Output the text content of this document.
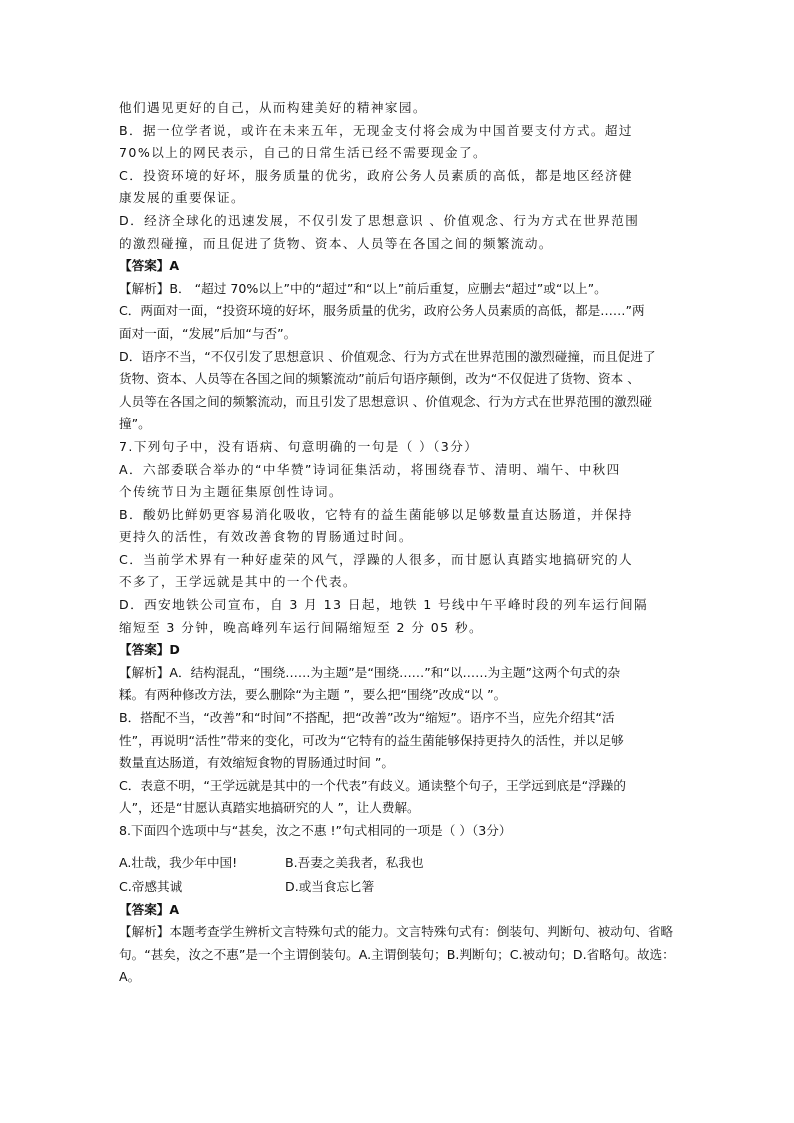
他们遇见更好的自己，从而构建美好的精神家园。
B．据一位学者说，或许在未来五年，无现金支付将会成为中国首要支付方式。超过
70%以上的网民表示，自己的日常生活已经不需要现金了。
C．投资环境的好坏，服务质量的优劣，政府公务人员素质的高低，都是地区经济健
康发展的重要保证。
D．经济全球化的迅速发展，不仅引发了思想意识 、价值观念、行为方式在世界范围
的激烈碰撞，而且促进了货物、资本、人员等在各国之间的频繁流动。
【答案】A
【解析】B． “超过 70%以上”中的“超过”和“以上”前后重复，应删去“超过”或“以上”。
C．两面对一面，“投资环境的好坏，服务质量的优劣，政府公务人员素质的高低，都是……”两
面对一面，“发展”后加“与否”。
D．语序不当，“不仅引发了思想意识 、价值观念、行为方式在世界范围的激烈碰撞，而且促进了
货物、资本、人员等在各国之间的频繁流动”前后句语序颠倒，改为“不仅促进了货物、资本 、
人员等在各国之间的频繁流动，而且引发了思想意识 、价值观念、行为方式在世界范围的激烈碰
撞”。
7.下列句子中，没有语病、句意明确的一句是（ ）（3分）
A．六部委联合举办的“中华赞”诗词征集活动，将围绕春节、清明、端午、中秋四
个传统节日为主题征集原创性诗词。
B．酸奶比鲜奶更容易消化吸收，它特有的益生菌能够以足够数量直达肠道，并保持
更持久的活性，有效改善食物的胃肠通过时间。
C．当前学术界有一种好虚荣的风气，浮躁的人很多，而甘愿认真踏实地搞研究的人
不多了，王学远就是其中的一个代表。
D．西安地铁公司宣布，自 3 月 13 日起，地铁 1 号线中午平峰时段的列车运行间隔
缩短至 3 分钟，晚高峰列车运行间隔缩短至 2 分 05 秒。
【答案】D
【解析】A．结构混乱，“围绕……为主题”是“围绕……”和“以……为主题”这两个句式的杂
糅。有两种修改方法，要么删除“为主题 ”，要么把“围绕”改成“以 ”。
B．搭配不当，“改善”和“时间”不搭配，把“改善”改为“缩短”。语序不当，应先介绍其“活
性”，再说明“活性”带来的变化，可改为“它特有的益生菌能够保持更持久的活性，并以足够
数量直达肠道，有效缩短食物的胃肠通过时间 ”。
C．表意不明，“王学远就是其中的一个代表”有歧义。通读整个句子，王学远到底是“浮躁的
人”，还是“甘愿认真踏实地搞研究的人 ”，让人费解。
8.下面四个选项中与“甚矣，汝之不惠 !”句式相同的一项是（ ）（3分）
A.壮哉，我少年中国!	B.吾妻之美我者，私我也
C.帝感其诚	D.或当食忘匕箸
【答案】A
【解析】本题考查学生辨析文言特殊句式的能力。文言特殊句式有：倒装句、判断句、被动句、省略
句。“甚矣，汝之不惠”是一个主谓倒装句。A.主谓倒装句；B.判断句；C.被动句；D.省略句。故选：
A。
